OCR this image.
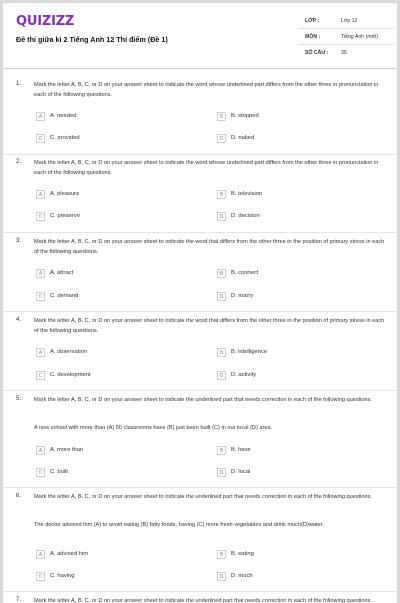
QUIZIZZ
Đề thi giữa kì 2 Tiếng Anh 12 Thí điểm (Đề 1)
LỚP :	Lớp 12
MÔN :	Tiếng Anh (mới)
SỐ CÂU : 35
1. Mark the letter A, B, C, or D on your answer sheet to indicate the word whose underlined part differs from the other three in pronunciation in each of the following questions.
A	A. needed	B	B. stopped
C	C. provided	D	D. naked
2. Mark the letter A, B, C, or D on your answer sheet to indicate the word whose underlined part differs from the other three in pronunciation in each of the following questions.
A	A. pleasure	B	B. television
C	C. preserve	D	D. decision
3. Mark the letter A, B, C, or D on your answer sheet to indicate the word that differs from the other three in the position of primary stress in each of the following questions.
A	A. attract	B	B. connect
C	C. demand	D	D. marry
4. Mark the letter A, B, C, or D on your answer sheet to indicate the word that differs from the other three in the position of primary stress in each of the following questions.
A	A. observation	B	B. intelligence
C	C. development	D	D. activity
5. Mark the letter A, B, C, or D on your answer sheet to indicate the underlined part that needs correction in each of the following questions.
A new school with more than (A) 50 classrooms have (B) just been built (C) in our local (D) area.
A	A. more than	B	B. have
C	C. built	D	D. local
6. Mark the letter A, B, C, or D on your answer sheet to indicate the underlined part that needs correction in each of the following questions.
The doctor advised him (A) to avoid eating (B) fatty foods, having (C) more fresh vegetables and drink much(D)water.
A	A. advised him	B	B. eating
C	C. having	D	D. much
7. Mark the letter A, B, C, or D on your answer sheet to indicate the underlined part that needs correction in each of the following questions.
